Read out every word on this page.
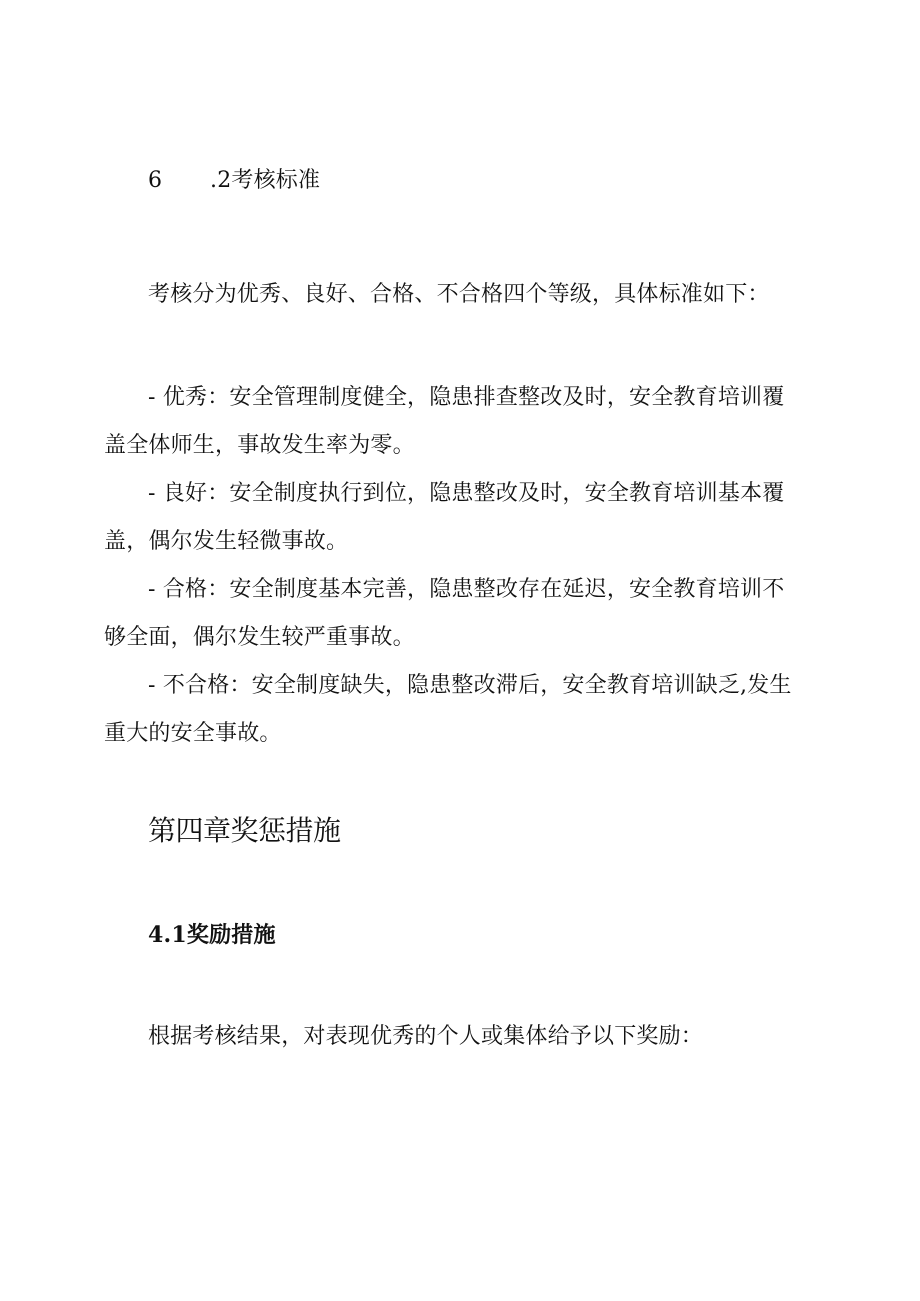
6 .2考核标准

考核分为优秀、良好、合格、不合格四个等级，具体标准如下：

- 优秀：安全管理制度健全，隐患排查整改及时，安全教育培训覆盖全体师生，事故发生率为零。

- 良好：安全制度执行到位，隐患整改及时，安全教育培训基本覆盖，偶尔发生轻微事故。

- 合格：安全制度基本完善，隐患整改存在延迟，安全教育培训不够全面，偶尔发生较严重事故。

- 不合格：安全制度缺失，隐患整改滞后，安全教育培训缺乏,发生重大的安全事故。

第四章奖惩措施
4.1奖励措施

根据考核结果，对表现优秀的个人或集体给予以下奖励：
